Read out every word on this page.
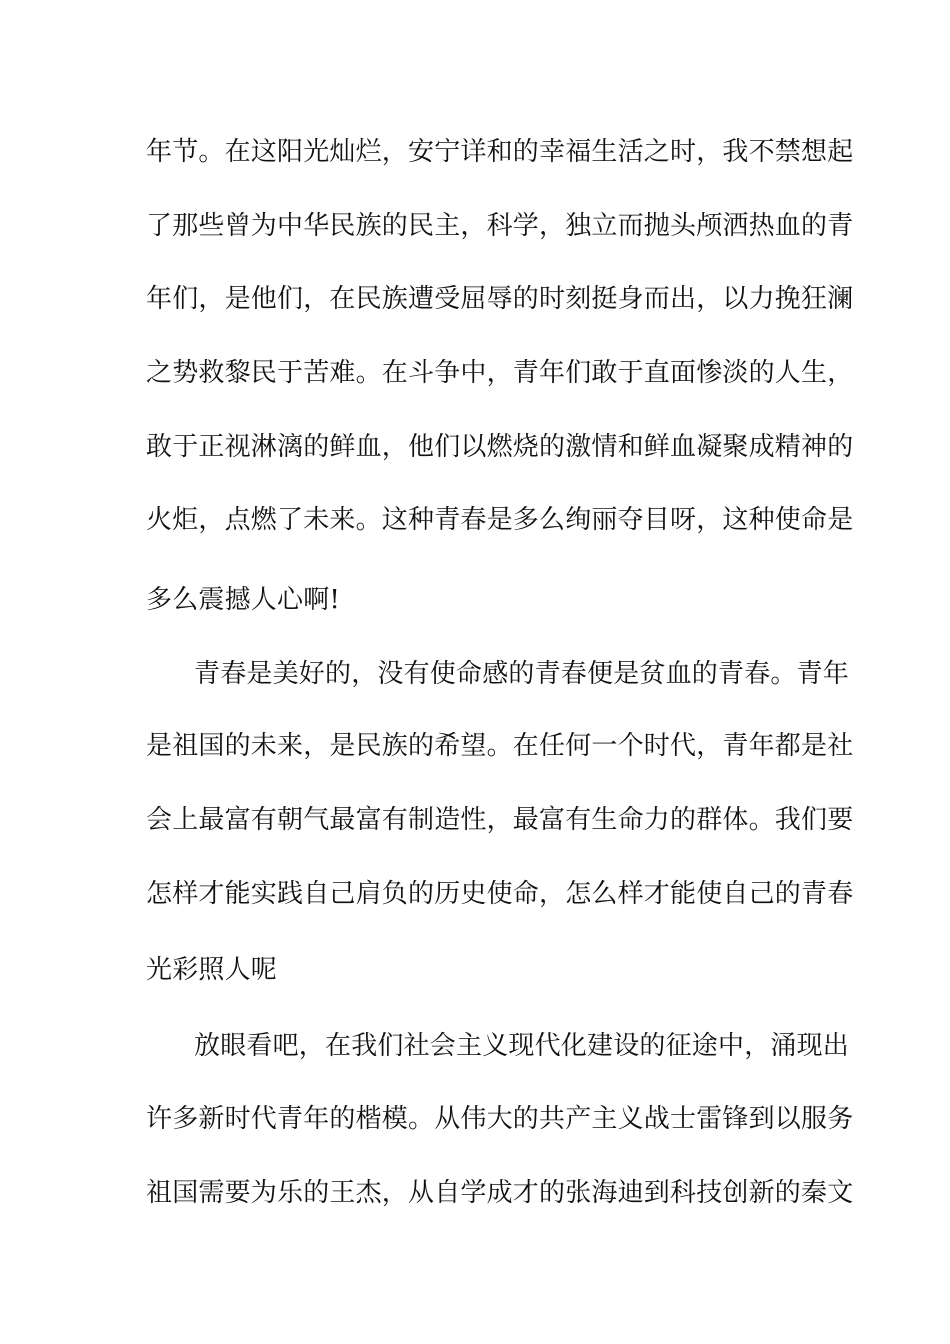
年节。在这阳光灿烂，安宁详和的幸福生活之时，我不禁想起
了那些曾为中华民族的民主，科学，独立而抛头颅洒热血的青
年们，是他们，在民族遭受屈辱的时刻挺身而出，以力挽狂澜
之势救黎民于苦难。在斗争中，青年们敢于直面惨淡的人生，
敢于正视淋漓的鲜血，他们以燃烧的激情和鲜血凝聚成精神的
火炬，点燃了未来。这种青春是多么绚丽夺目呀，这种使命是
多么震撼人心啊!
青春是美好的，没有使命感的青春便是贫血的青春。青年
是祖国的未来，是民族的希望。在任何一个时代，青年都是社
会上最富有朝气最富有制造性，最富有生命力的群体。我们要
怎样才能实践自己肩负的历史使命，怎么样才能使自己的青春
光彩照人呢
放眼看吧，在我们社会主义现代化建设的征途中，涌现出
许多新时代青年的楷模。从伟大的共产主义战士雷锋到以服务
祖国需要为乐的王杰，从自学成才的张海迪到科技创新的秦文
